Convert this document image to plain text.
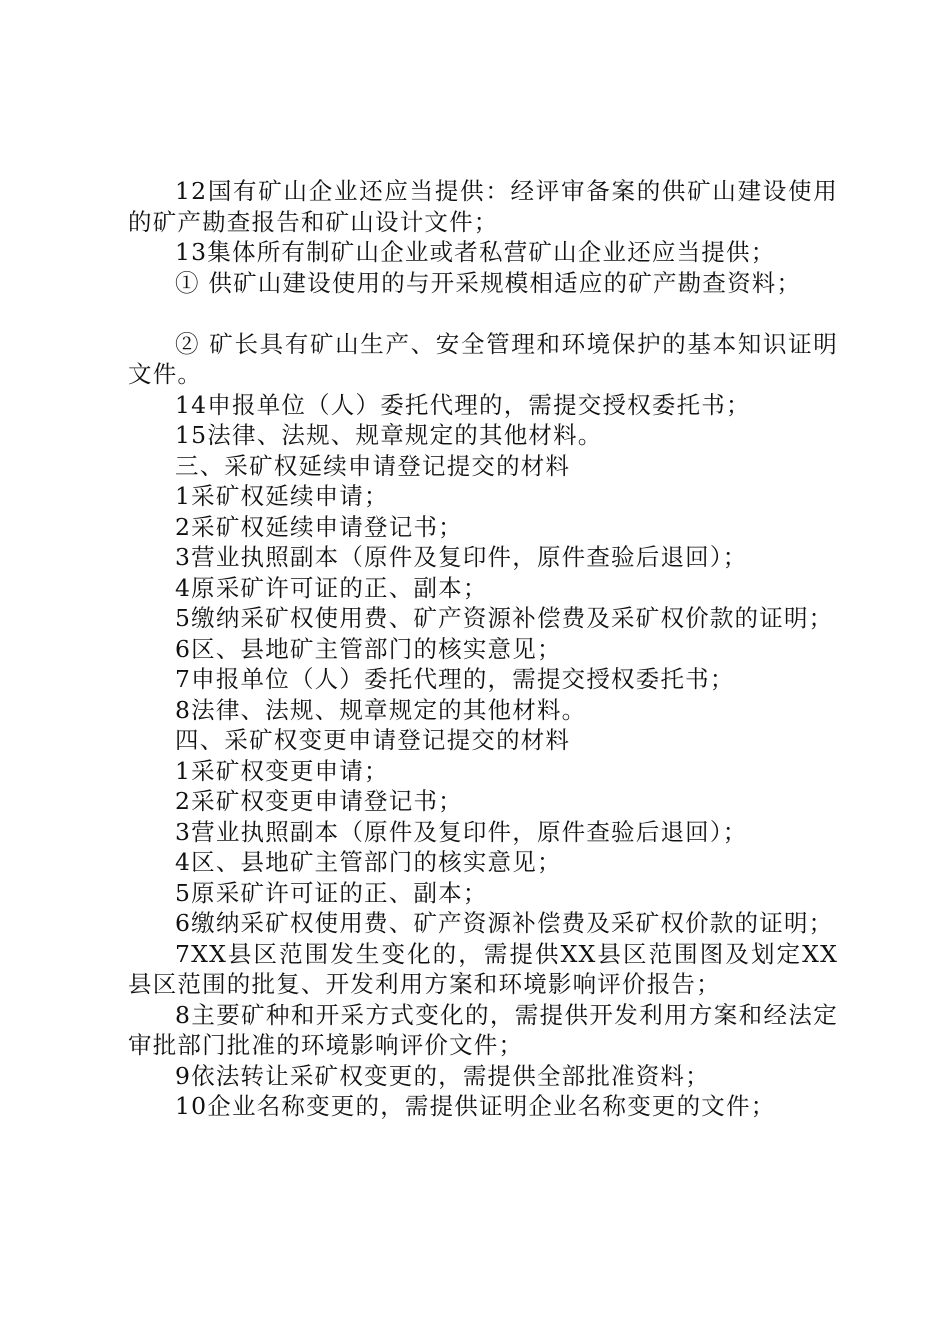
12国有矿山企业还应当提供：经评审备案的供矿山建设使用的矿产勘查报告和矿山设计文件；

13集体所有制矿山企业或者私营矿山企业还应当提供；

① 供矿山建设使用的与开采规模相适应的矿产勘查资料；

② 矿长具有矿山生产、安全管理和环境保护的基本知识证明文件。

14申报单位（人）委托代理的，需提交授权委托书；

15法律、法规、规章规定的其他材料。

三、采矿权延续申请登记提交的材料

1采矿权延续申请；

2采矿权延续申请登记书；

3营业执照副本（原件及复印件，原件查验后退回）；

4原采矿许可证的正、副本；

5缴纳采矿权使用费、矿产资源补偿费及采矿权价款的证明；

6区、县地矿主管部门的核实意见；

7申报单位（人）委托代理的，需提交授权委托书；

8法律、法规、规章规定的其他材料。

四、采矿权变更申请登记提交的材料

1采矿权变更申请；

2采矿权变更申请登记书；

3营业执照副本（原件及复印件，原件查验后退回）；

4区、县地矿主管部门的核实意见；

5原采矿许可证的正、副本；

6缴纳采矿权使用费、矿产资源补偿费及采矿权价款的证明；

7XX县区范围发生变化的，需提供XX县区范围图及划定XX县区范围的批复、开发利用方案和环境影响评价报告；

8主要矿种和开采方式变化的，需提供开发利用方案和经法定审批部门批准的环境影响评价文件；

9依法转让采矿权变更的，需提供全部批准资料；

10企业名称变更的，需提供证明企业名称变更的文件；
